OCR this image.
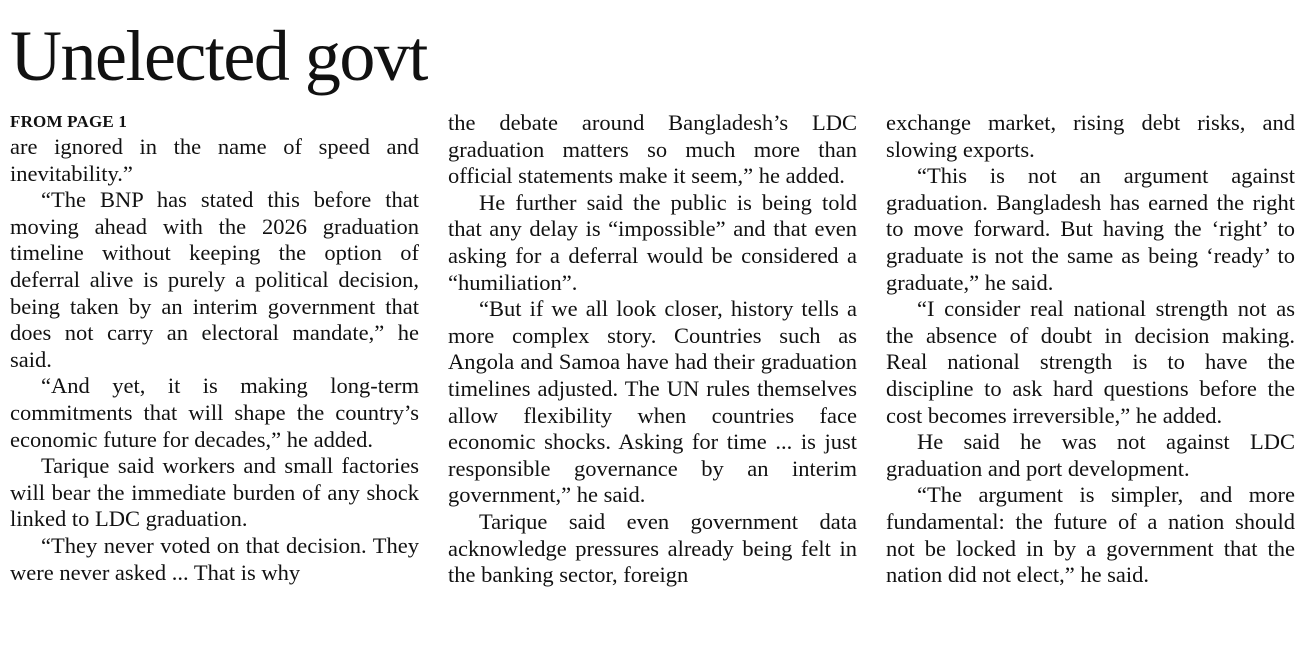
Unelected govt
FROM PAGE 1

are ignored in the name of speed and inevitability.”

“The BNP has stated this before that moving ahead with the 2026 graduation timeline without keeping the option of deferral alive is purely a political decision, being taken by an interim government that does not carry an electoral mandate,” he said.

“And yet, it is making long-term commitments that will shape the country’s economic future for decades,” he added.

Tarique said workers and small factories will bear the immediate burden of any shock linked to LDC graduation.

“They never voted on that decision. They were never asked ... That is why

the debate around Bangladesh’s LDC graduation matters so much more than official statements make it seem,” he added.

He further said the public is being told that any delay is “impossible” and that even asking for a deferral would be considered a “humiliation”.

“But if we all look closer, history tells a more complex story. Countries such as Angola and Samoa have had their graduation timelines adjusted. The UN rules themselves allow flexibility when countries face economic shocks. Asking for time ... is just responsible governance by an interim government,” he said.

Tarique said even government data acknowledge pressures already being felt in the banking sector, foreign

exchange market, rising debt risks, and slowing exports.

“This is not an argument against graduation. Bangladesh has earned the right to move forward. But having the ‘right’ to graduate is not the same as being ‘ready’ to graduate,” he said.

“I consider real national strength not as the absence of doubt in decision making. Real national strength is to have the discipline to ask hard questions before the cost becomes irreversible,” he added.

He said he was not against LDC graduation and port development.

“The argument is simpler, and more fundamental: the future of a nation should not be locked in by a government that the nation did not elect,” he said.
